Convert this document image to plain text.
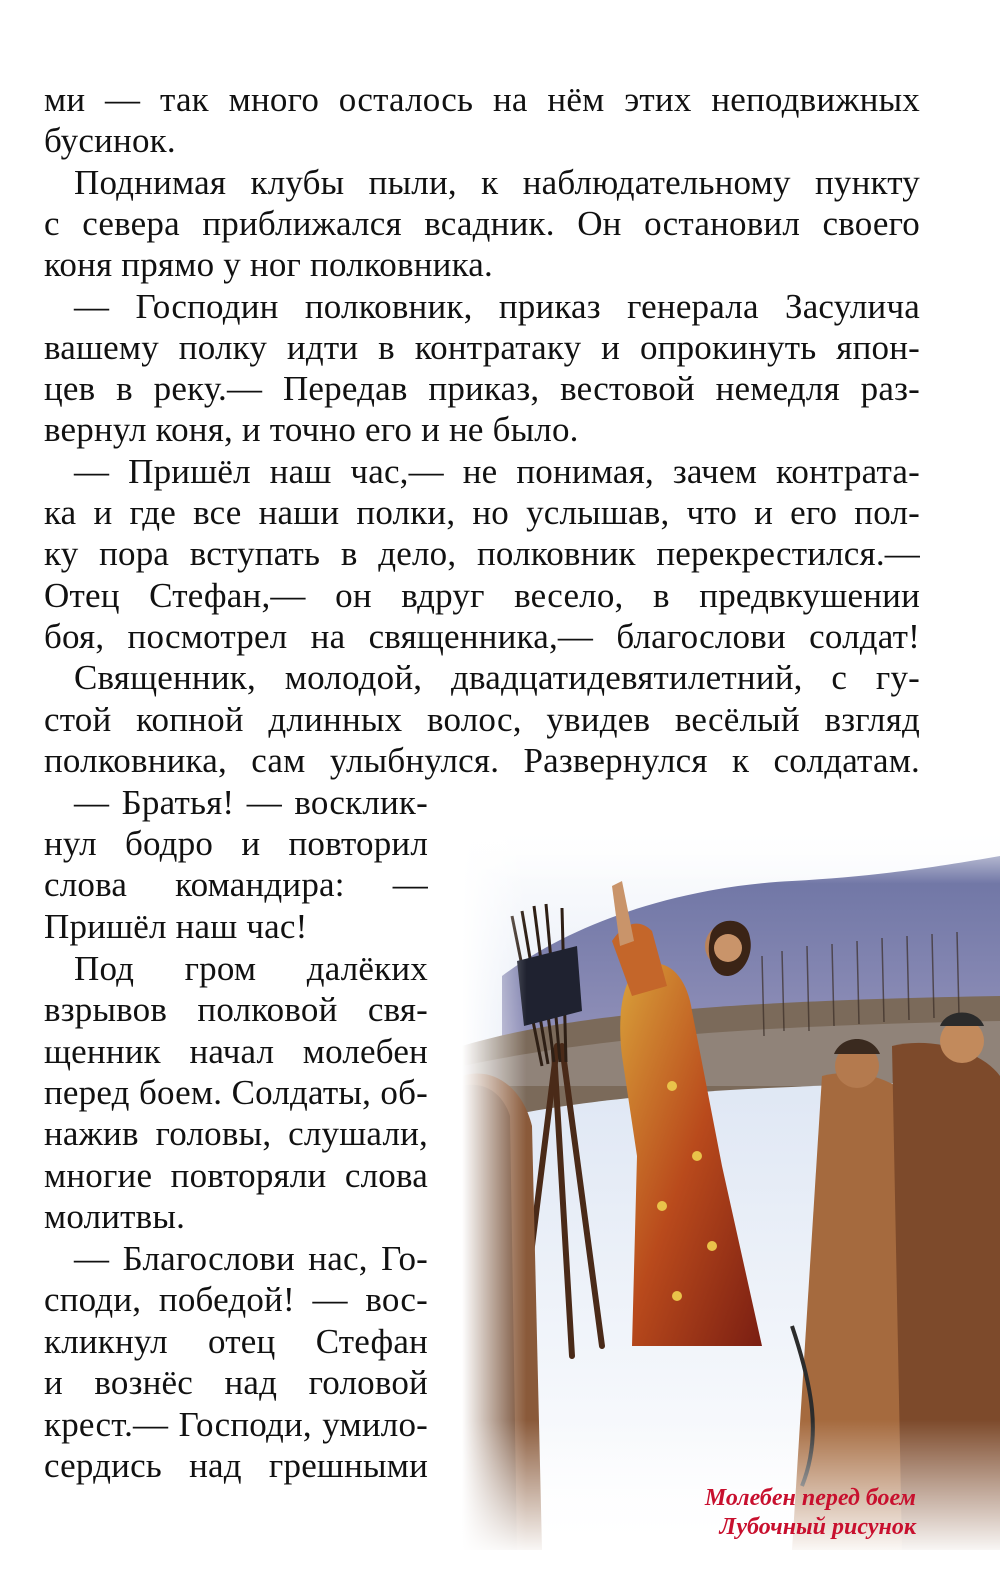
ми — так много осталось на нём этих неподвижных
бусинок.
Поднимая клубы пыли, к наблюдательному пункту
с севера приближался всадник. Он остановил своего
коня прямо у ног полковника.
— Господин полковник, приказ генерала Засулича
вашему полку идти в контратаку и опрокинуть япон-
цев в реку.— Передав приказ, вестовой немедля раз-
вернул коня, и точно его и не было.
— Пришёл наш час,— не понимая, зачем контрата-
ка и где все наши полки, но услышав, что и его пол-
ку пора вступать в дело, полковник перекрестился.—
Отец Стефан,— он вдруг весело, в предвкушении
боя, посмотрел на священника,— благослови солдат!
Священник, молодой, двадцатидевятилетний, с гу-
стой копной длинных волос, увидев весёлый взгляд
полковника, сам улыбнулся. Развернулся к солдатам.
— Братья! — восклик-
нул бодро и повторил
слова командира: —
Пришёл наш час!
Под гром далёких
взрывов полковой свя-
щенник начал молебен
перед боем. Солдаты, об-
нажив головы, слушали,
многие повторяли слова
молитвы.
— Благослови нас, Го-
споди, победой! — вос-
кликнул отец Стефан
и вознёс над головой
крест.— Господи, умило-
сердись над грешными
Молебен перед боем
Лубочный рисунок
